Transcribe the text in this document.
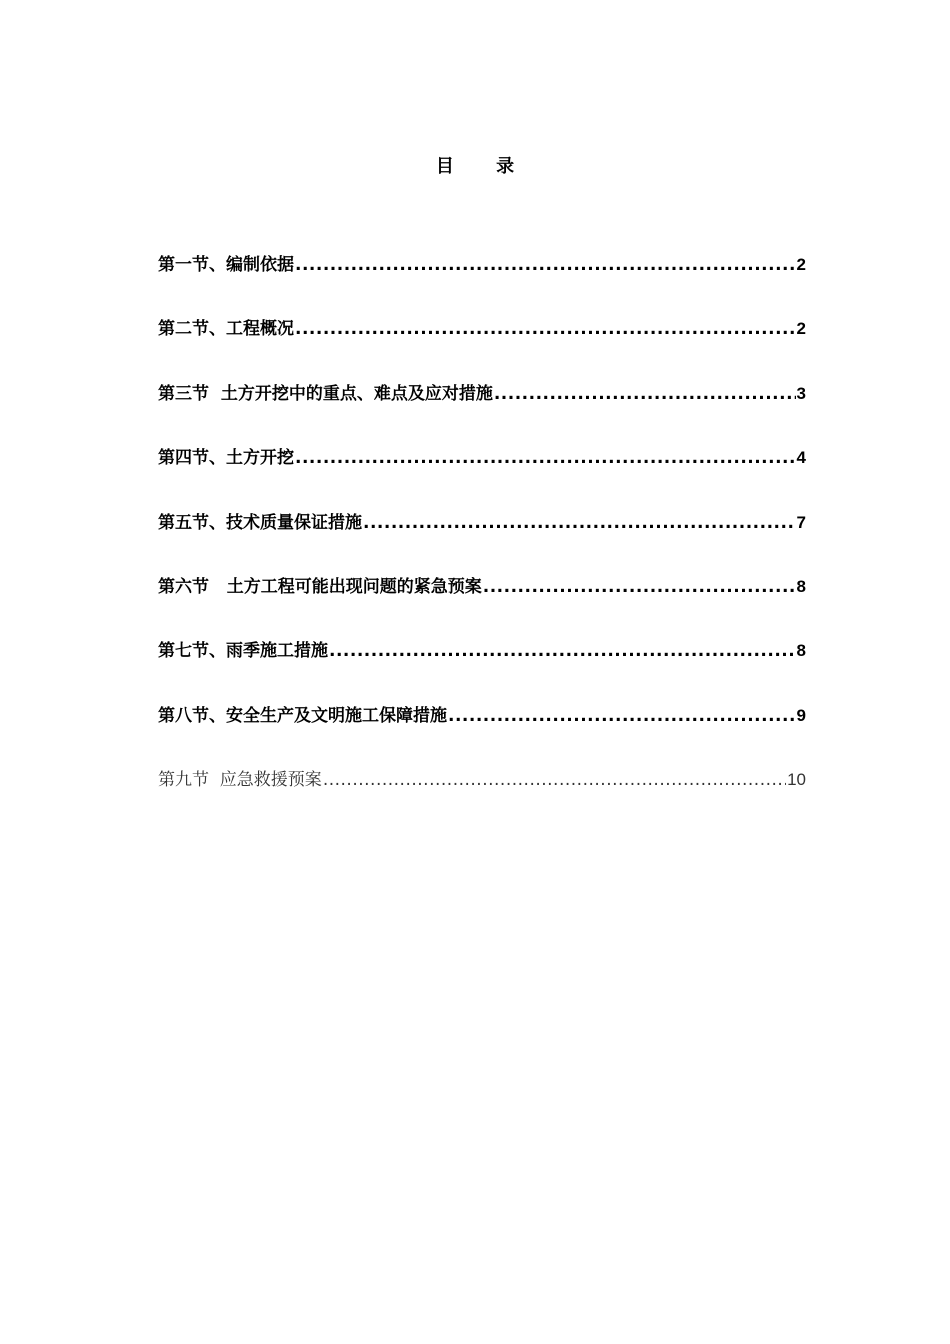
目 录
第一节、编制依据 .....	2
第二节、工程概况 .....	2
第三节  土方开挖中的重点、难点及应对措施 .....	3
第四节、土方开挖 .....	4
第五节、技术质量保证措施 .....	7
第六节   土方工程可能出现问题的紧急预案 .....	8
第七节、雨季施工措施 .....	8
第八节、安全生产及文明施工保障措施 .....	9
第九节  应急救援预案 .....	10
